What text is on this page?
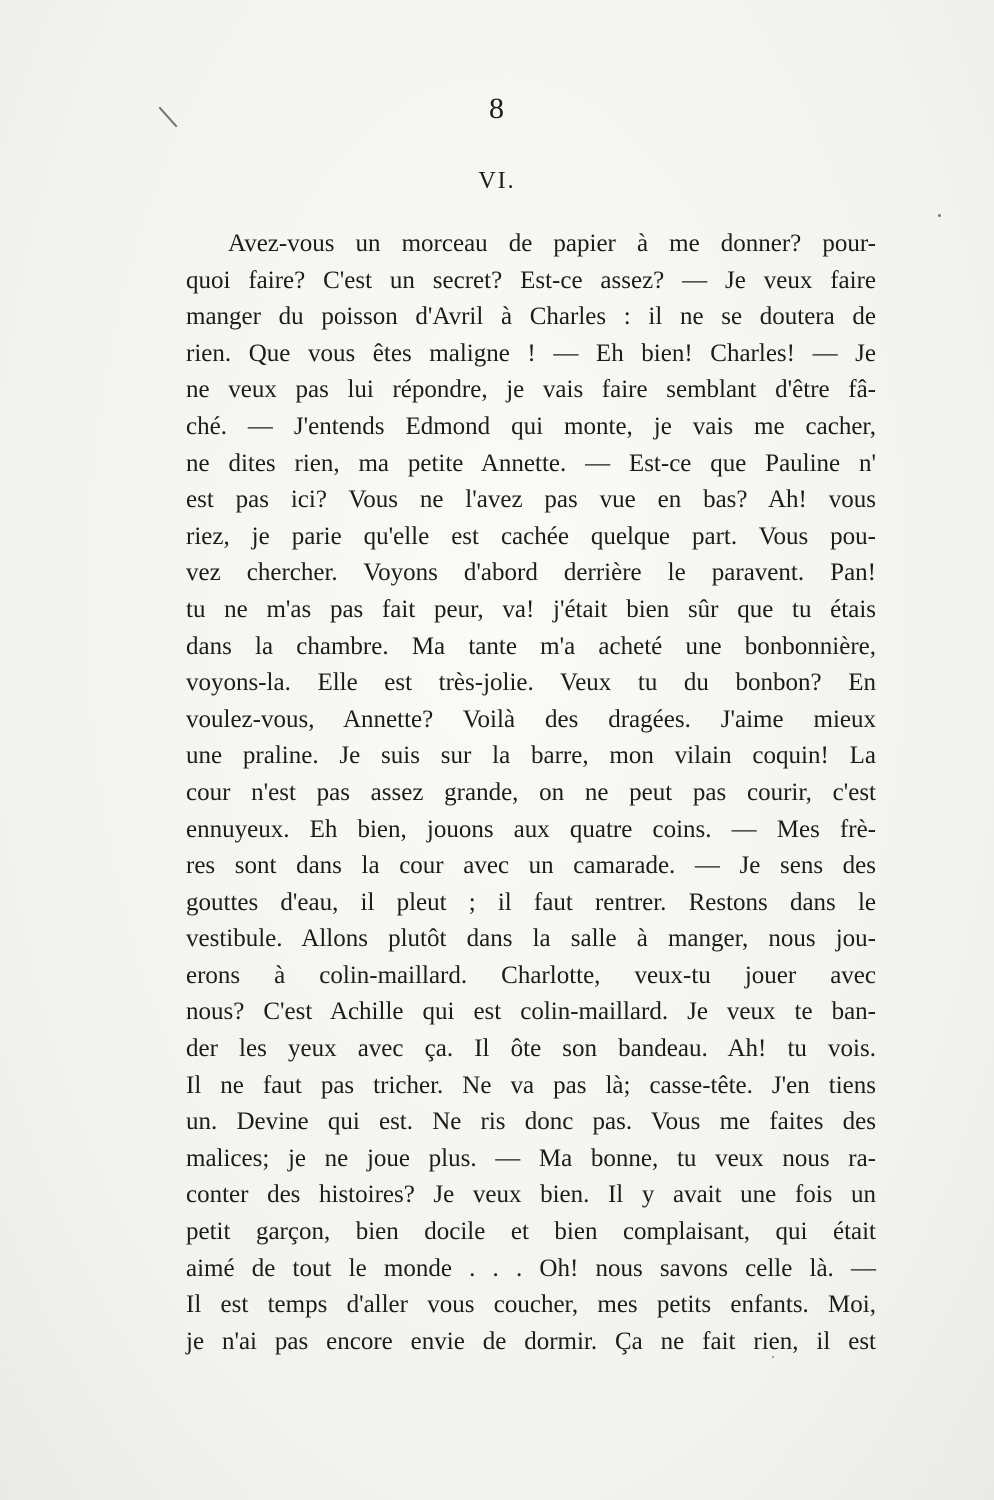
8
VI.
Avez-vous un morceau de papier à me donner? pour-
quoi faire? C'est un secret? Est-ce assez? — Je veux faire
manger du poisson d'Avril à Charles : il ne se doutera de
rien. Que vous êtes maligne ! — Eh bien! Charles! — Je
ne veux pas lui répondre, je vais faire semblant d'être fâ-
ché. — J'entends Edmond qui monte, je vais me cacher,
ne dites rien, ma petite Annette. — Est-ce que Pauline n'
est pas ici? Vous ne l'avez pas vue en bas? Ah! vous
riez, je parie qu'elle est cachée quelque part. Vous pou-
vez chercher. Voyons d'abord derrière le paravent. Pan!
tu ne m'as pas fait peur, va! j'était bien sûr que tu étais
dans la chambre. Ma tante m'a acheté une bonbonnière,
voyons-la. Elle est très-jolie. Veux tu du bonbon? En
voulez-vous, Annette? Voilà des dragées. J'aime mieux
une praline. Je suis sur la barre, mon vilain coquin! La
cour n'est pas assez grande, on ne peut pas courir, c'est
ennuyeux. Eh bien, jouons aux quatre coins. — Mes frè-
res sont dans la cour avec un camarade. — Je sens des
gouttes d'eau, il pleut ; il faut rentrer. Restons dans le
vestibule. Allons plutôt dans la salle à manger, nous jou-
erons à colin-maillard. Charlotte, veux-tu jouer avec
nous? C'est Achille qui est colin-maillard. Je veux te ban-
der les yeux avec ça. Il ôte son bandeau. Ah! tu vois.
Il ne faut pas tricher. Ne va pas là; casse-tête. J'en tiens
un. Devine qui est. Ne ris donc pas. Vous me faites des
malices; je ne joue plus. — Ma bonne, tu veux nous ra-
conter des histoires? Je veux bien. Il y avait une fois un
petit garçon, bien docile et bien complaisant, qui était
aimé de tout le monde . . . Oh! nous savons celle là. —
Il est temps d'aller vous coucher, mes petits enfants. Moi,
je n'ai pas encore envie de dormir. Ça ne fait rien, il est
